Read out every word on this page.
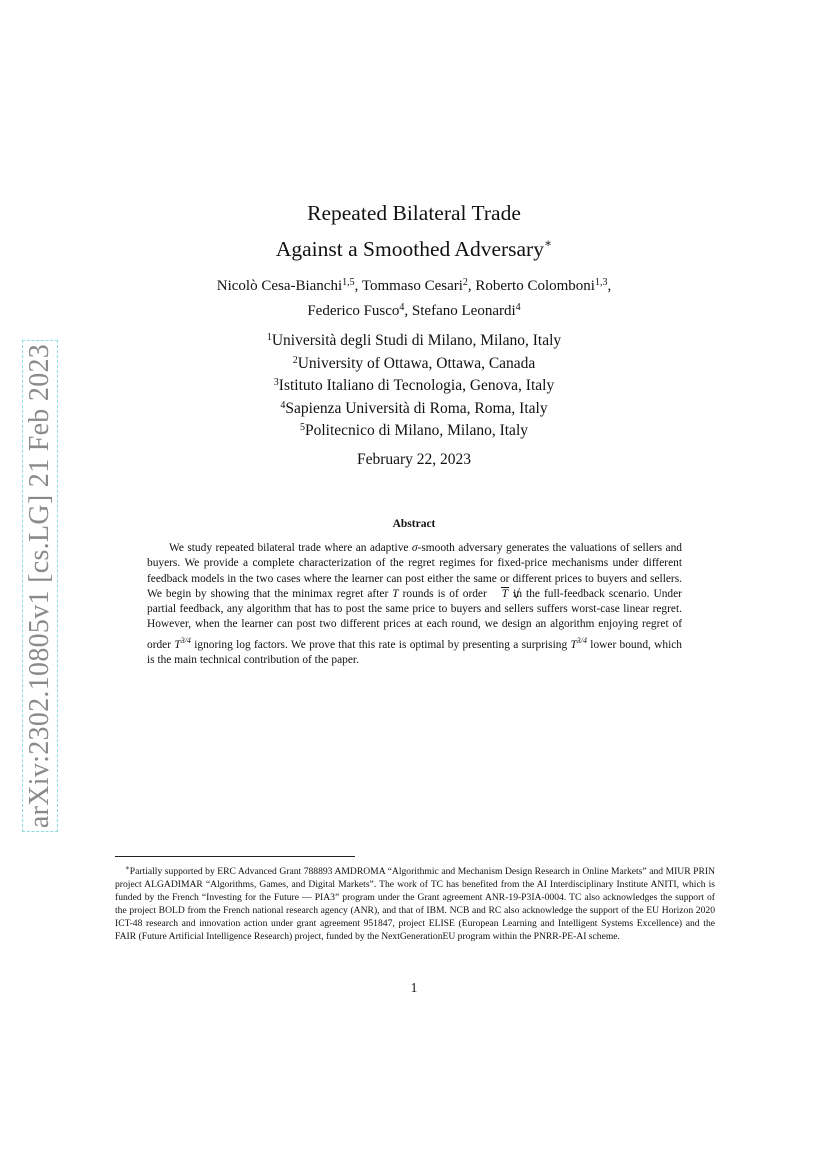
arXiv:2302.10805v1 [cs.LG] 21 Feb 2023
Repeated Bilateral Trade
Against a Smoothed Adversary∗
Nicolò Cesa-Bianchi$^{1,5}$, Tommaso Cesari$^2$, Roberto Colomboni$^{1,3}$,
Federico Fusco$^4$, Stefano Leonardi$^4$
$^1$Università degli Studi di Milano, Milano, Italy
$^2$University of Ottawa, Ottawa, Canada
$^3$Istituto Italiano di Tecnologia, Genova, Italy
$^4$Sapienza Università di Roma, Roma, Italy
$^5$Politecnico di Milano, Milano, Italy
February 22, 2023
Abstract
We study repeated bilateral trade where an adaptive σ-smooth adversary generates the valuations of sellers and buyers. We provide a complete characterization of the regret regimes for fixed-price mechanisms under different feedback models in the two cases where the learner can post either the same or different prices to buyers and sellers. We begin by showing that the minimax regret after T rounds is of order √ T in the full-feedback scenario. Under partial feedback, any algorithm that has to post the same price to buyers and sellers suffers worst-case linear regret. However, when the learner can post two different prices at each round, we design an algorithm enjoying regret of order $T^{3/4}$ ignoring log factors. We prove that this rate is optimal by presenting a surprising $T^{3/4}$ lower bound, which is the main technical contribution of the paper.
∗Partially supported by ERC Advanced Grant 788893 AMDROMA “Algorithmic and Mechanism Design Research in Online Markets” and MIUR PRIN project ALGADIMAR “Algorithms, Games, and Digital Markets”. The work of TC has benefited from the AI Interdisciplinary Institute ANITI, which is funded by the French “Investing for the Future — PIA3” program under the Grant agreement ANR-19-P3IA-0004. TC also acknowledges the support of the project BOLD from the French national research agency (ANR), and that of IBM. NCB and RC also acknowledge the support of the EU Horizon 2020 ICT-48 research and innovation action under grant agreement 951847, project ELISE (European Learning and Intelligent Systems Excellence) and the FAIR (Future Artificial Intelligence Research) project, funded by the NextGenerationEU program within the PNRR-PE-AI scheme.
1
